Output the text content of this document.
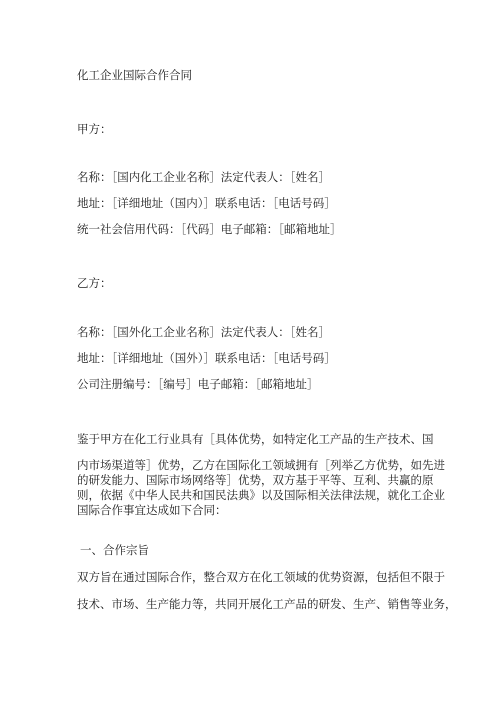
化工企业国际合作合同
甲方：
名称：［国内化工企业名称］法定代表人：［姓名］
地址：［详细地址（国内）］联系电话：［电话号码］
统一社会信用代码：［代码］电子邮箱：［邮箱地址］
乙方：
名称：［国外化工企业名称］法定代表人：［姓名］
地址：［详细地址（国外）］联系电话：［电话号码］
公司注册编号：［编号］电子邮箱：［邮箱地址］
鉴于甲方在化工行业具有［具体优势，如特定化工产品的生产技术、国
内市场渠道等］优势，乙方在国际化工领域拥有［列举乙方优势，如先进
的研发能力、国际市场网络等］优势，双方基于平等、互利、共赢的原
则，依据《中华人民共和国民法典》以及国际相关法律法规，就化工企业
国际合作事宜达成如下合同：
一、合作宗旨
双方旨在通过国际合作，整合双方在化工领域的优势资源，包括但不限于
技术、市场、生产能力等，共同开展化工产品的研发、生产、销售等业务，
